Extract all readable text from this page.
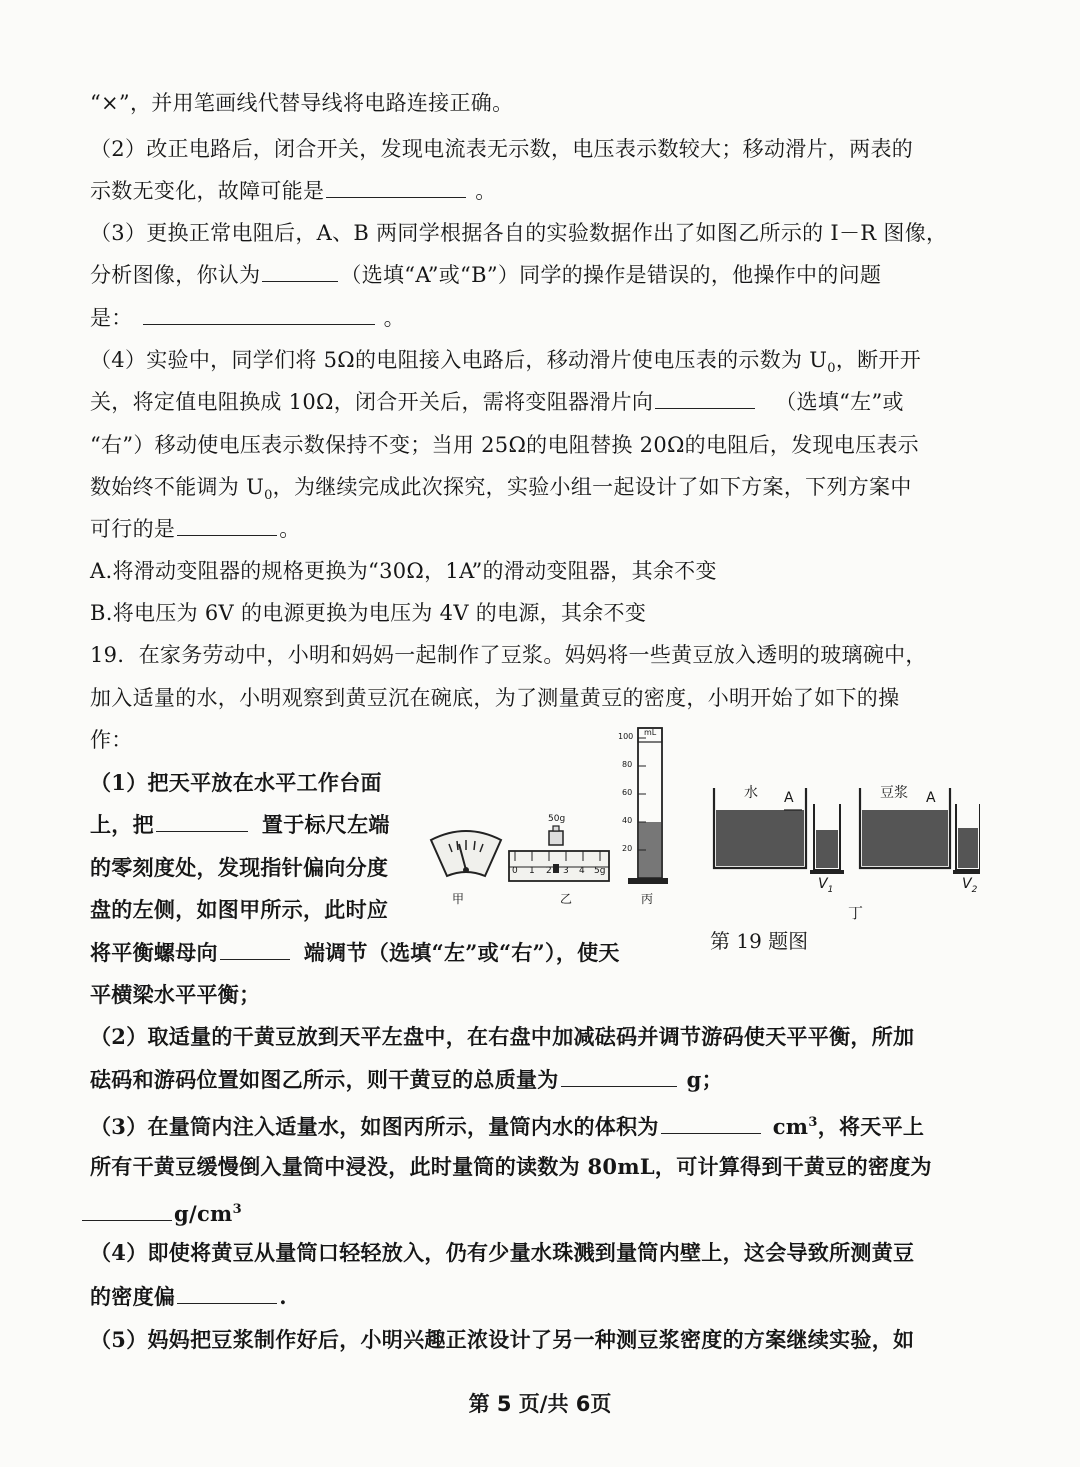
“×”，并用笔画线代替导线将电路连接正确。
（2）改正电路后，闭合开关，发现电流表无示数，电压表示数较大；移动滑片，两表的
示数无变化，故障可能是	。
（3）更换正常电阻后，A、B 两同学根据各自的实验数据作出了如图乙所示的 I－R 图像，
分析图像，你认为	（选填“A”或“B”）同学的操作是错误的，他操作中的问题
是：	。
（4）实验中，同学们将 5Ω的电阻接入电路后，移动滑片使电压表的示数为 $U_0$，断开开
关，将定值电阻换成 10Ω，闭合开关后，需将变阻器滑片向	（选填“左”或
“右”）移动使电压表示数保持不变；当用 25Ω的电阻替换 20Ω的电阻后，发现电压表示
数始终不能调为 $U_0$，为继续完成此次探究，实验小组一起设计了如下方案，下列方案中
可行的是	。
A.将滑动变阻器的规格更换为“30Ω，1A”的滑动变阻器，其余不变
B.将电压为 6V 的电源更换为电压为 4V 的电源，其余不变
19．在家务劳动中，小明和妈妈一起制作了豆浆。妈妈将一些黄豆放入透明的玻璃碗中，
加入适量的水，小明观察到黄豆沉在碗底，为了测量黄豆的密度，小明开始了如下的操
作：
（1）把天平放在水平工作台面
上，把	置于标尺左端
的零刻度处，发现指针偏向分度
盘的左侧，如图甲所示，此时应
将平衡螺母向	端调节（选填“左”或“右”），使天
平横梁水平平衡；
（2）取适量的干黄豆放到天平左盘中，在右盘中加减砝码并调节游码使天平平衡，所加
砝码和游码位置如图乙所示，则干黄豆的总质量为	g；
（3）在量筒内注入适量水，如图丙所示，量筒内水的体积为	$cm^3$，将天平上
所有干黄豆缓慢倒入量筒中浸没，此时量筒的读数为 80mL，可计算得到干黄豆的密度为
$g/cm^3$
（4）即使将黄豆从量筒口轻轻放入，仍有少量水珠溅到量筒内壁上，这会导致所测黄豆
的密度偏	.
（5）妈妈把豆浆制作好后，小明兴趣正浓设计了另一种测豆浆密度的方案继续实验，如
甲
50g
0 1 2 3 4 5g
乙
mL
100
80
60
40
20
丙
水 A	豆浆 A
$V_1$	$V_2$
丁
第 19 题图
第 5 页/共 6页
